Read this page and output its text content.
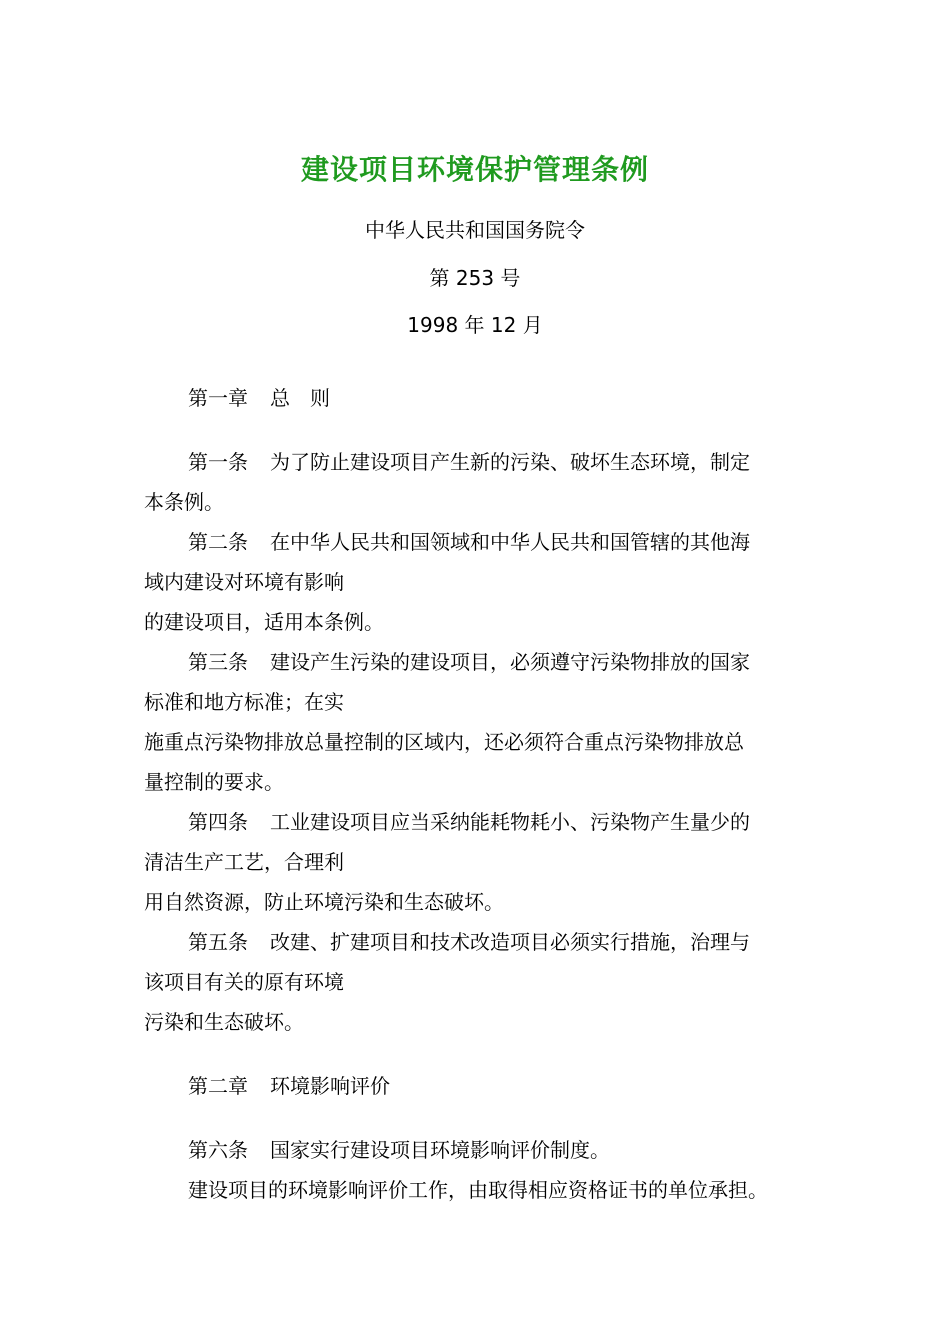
建设项目环境保护管理条例
中华人民共和国国务院令
第 253 号
1998 年 12 月
第一章 总　则
第一条 为了防止建设项目产生新的污染、破坏生态环境，制定
本条例。
第二条 在中华人民共和国领域和中华人民共和国管辖的其他海
域内建设对环境有影响
的建设项目，适用本条例。
第三条 建设产生污染的建设项目，必须遵守污染物排放的国家
标准和地方标准；在实
施重点污染物排放总量控制的区域内，还必须符合重点污染物排放总
量控制的要求。
第四条 工业建设项目应当采纳能耗物耗小、污染物产生量少的
清洁生产工艺，合理利
用自然资源，防止环境污染和生态破坏。
第五条 改建、扩建项目和技术改造项目必须实行措施，治理与
该项目有关的原有环境
污染和生态破坏。
第二章 环境影响评价
第六条 国家实行建设项目环境影响评价制度。
建设项目的环境影响评价工作，由取得相应资格证书的单位承担。
